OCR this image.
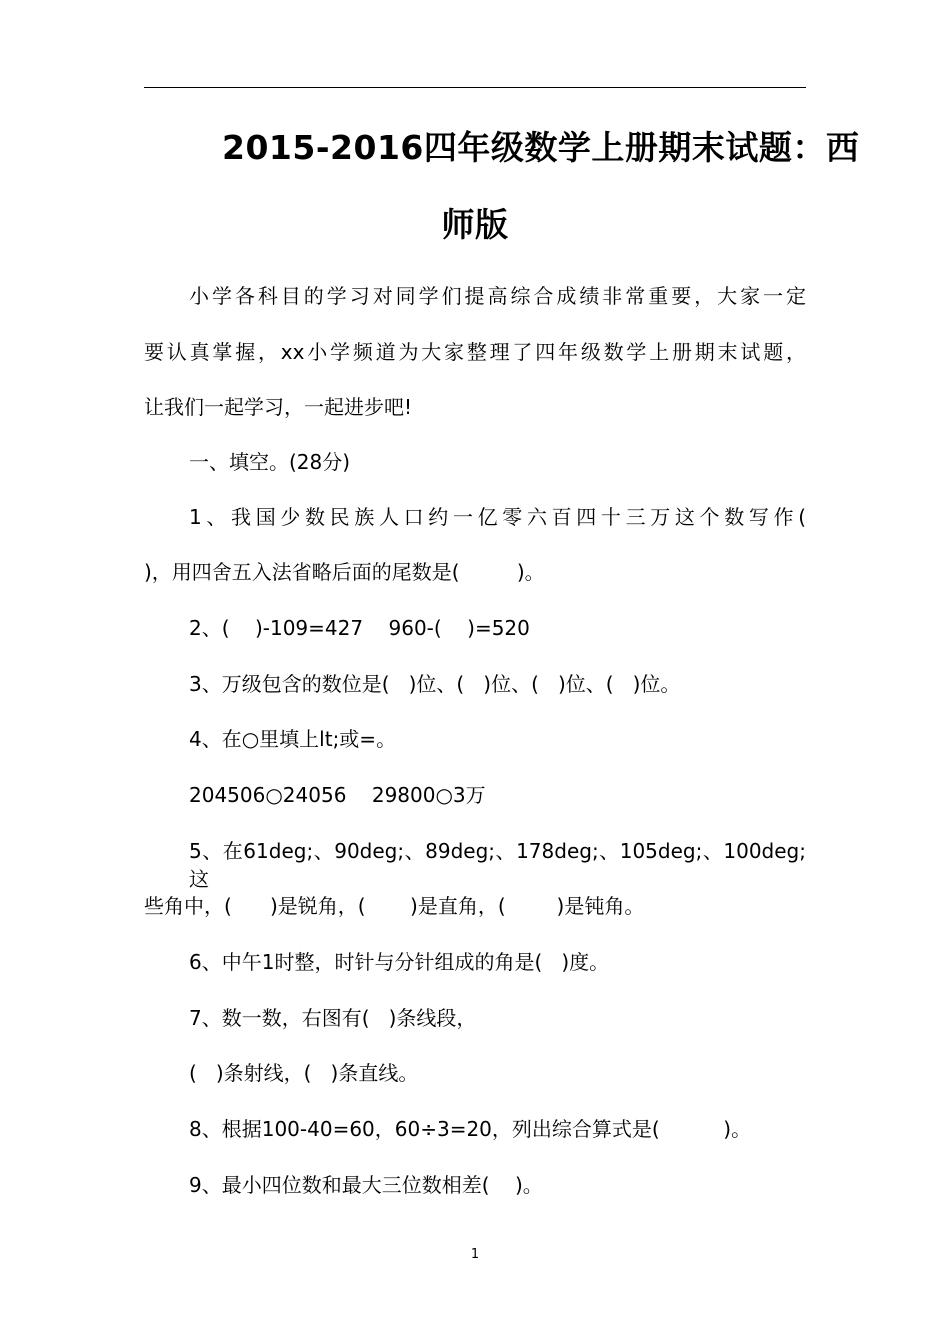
2015-2016四年级数学上册期末试题：西
师版
小学各科目的学习对同学们提高综合成绩非常重要，大家一定
要认真掌握，xx小学频道为大家整理了四年级数学上册期末试题，
让我们一起学习，一起进步吧!
一、填空。(28分)
1、我国少数民族人口约一亿零六百四十三万这个数写作(
)，用四舍五入法省略后面的尾数是(         )。
2、(    )-109=427    960-(    )=520
3、万级包含的数位是(   )位、(   )位、(   )位、(   )位。
4、在○里填上lt;或=。
204506○24056    29800○3万
5、在61deg;、90deg;、89deg;、178deg;、105deg;、100deg;这
些角中，(      )是锐角，(       )是直角，(        )是钝角。
6、中午1时整，时针与分针组成的角是(   )度。
7、数一数，右图有(   )条线段，
(   )条射线，(   )条直线。
8、根据100-40=60，60÷3=20，列出综合算式是(          )。
9、最小四位数和最大三位数相差(    )。
1
